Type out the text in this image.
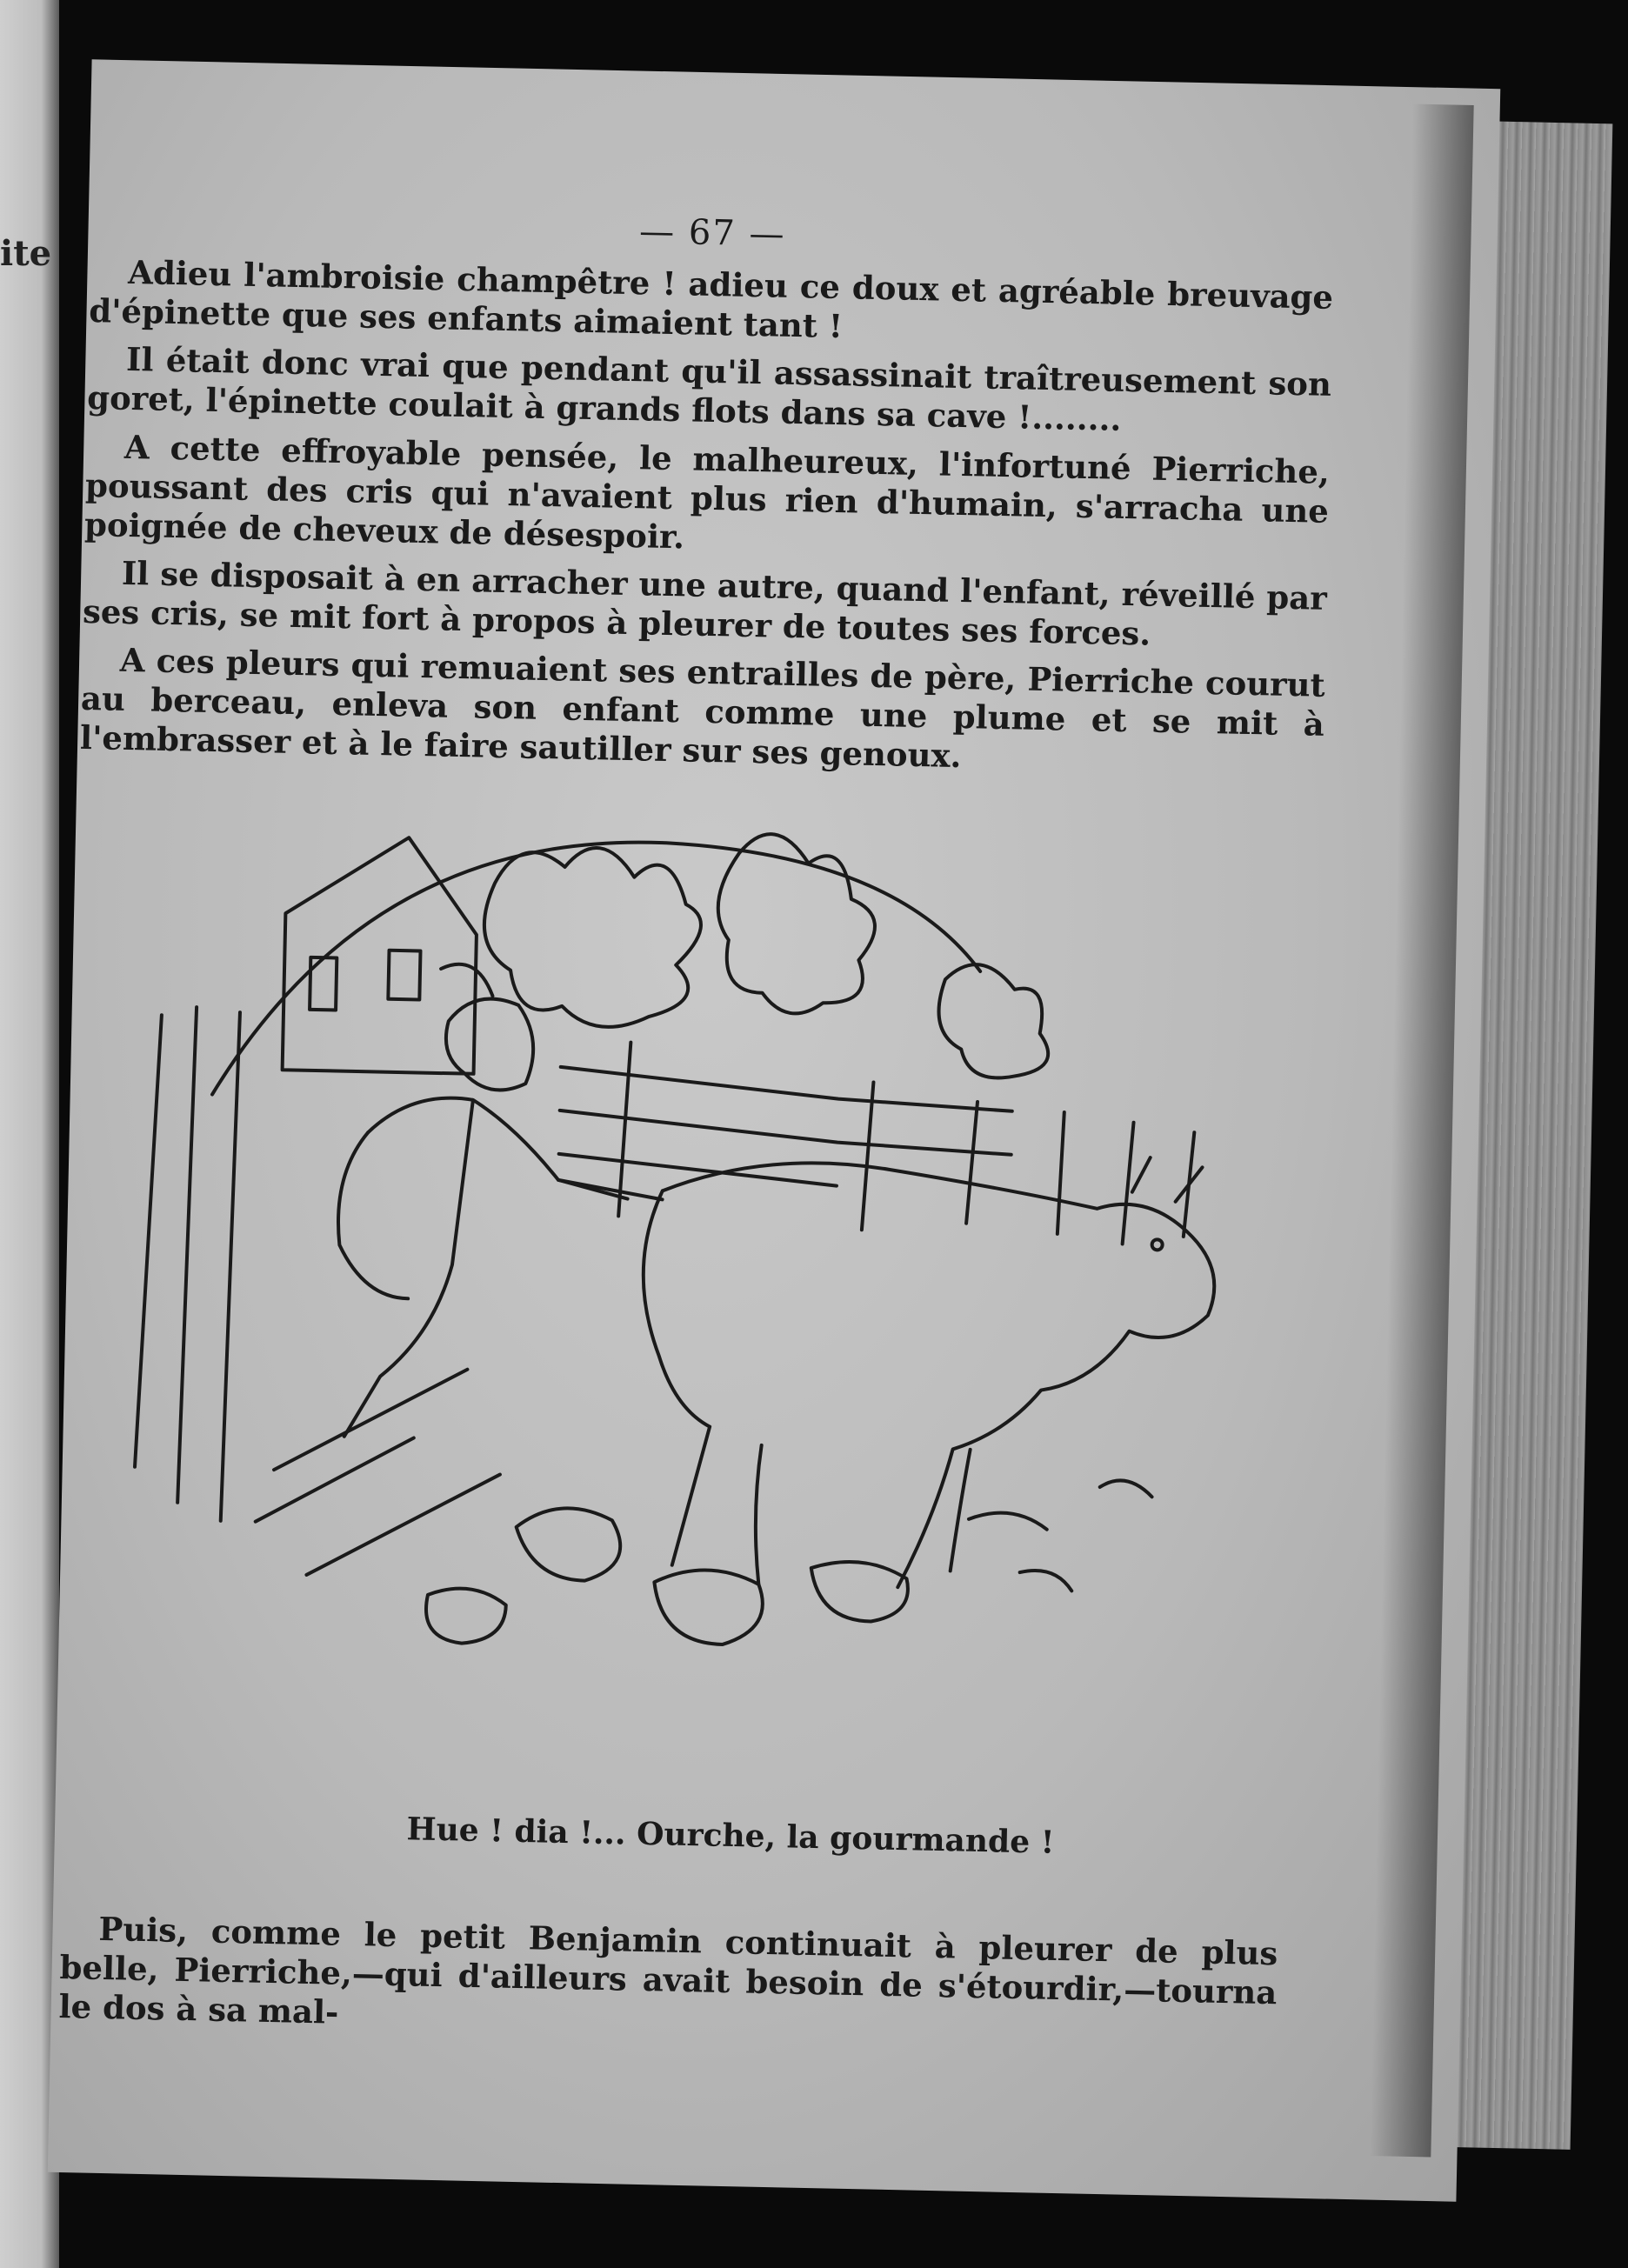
ite	— 67 —

Adieu l'ambroisie champêtre ! adieu ce doux et agréable breuvage d'épinette que ses enfants aimaient tant !

Il était donc vrai que pendant qu'il assassinait traîtreusement son goret, l'épinette coulait à grands flots dans sa cave !........

A cette effroyable pensée, le malheureux, l'infortuné Pierriche, poussant des cris qui n'avaient plus rien d'humain, s'arracha une poignée de cheveux de désespoir.

Il se disposait à en arracher une autre, quand l'enfant, réveillé par ses cris, se mit fort à propos à pleurer de toutes ses forces.

A ces pleurs qui remuaient ses entrailles de père, Pierriche courut au berceau, enleva son enfant comme une plume et se mit à l'embrasser et à le faire sautiller sur ses genoux.

Hue ! dia !... Ourche, la gourmande !

Puis, comme le petit Benjamin continuait à pleurer de plus belle, Pierriche,—qui d'ailleurs avait besoin de s'étourdir,—tourna le dos à sa mal-
